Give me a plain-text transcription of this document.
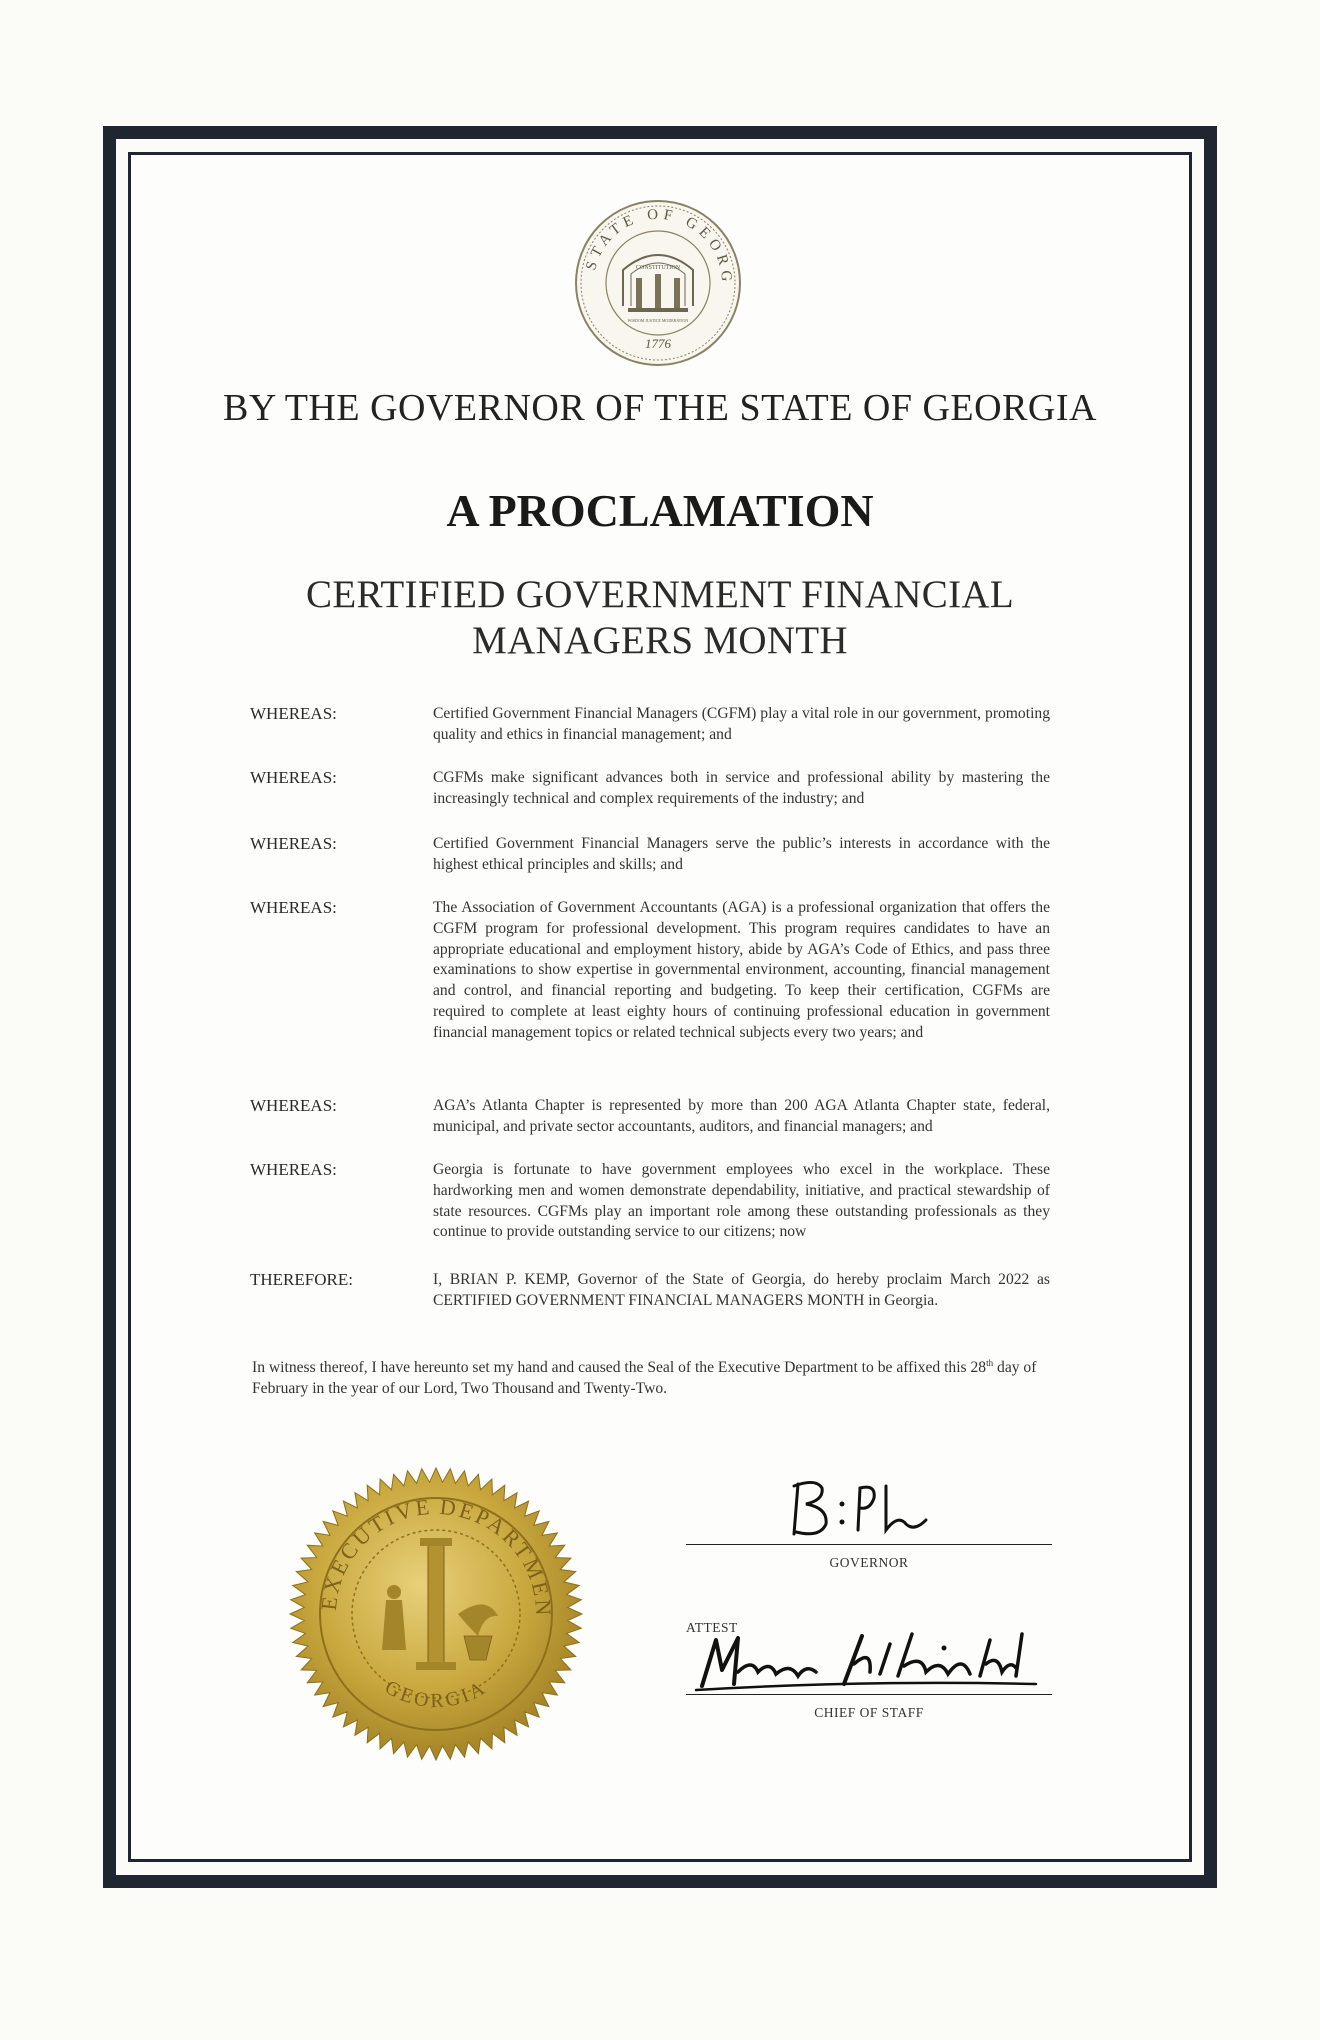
STATE OF GEORG
CONSTITUTION
WISDOM JUSTICE MODERATION
1776
BY THE GOVERNOR OF THE STATE OF GEORGIA
A PROCLAMATION
CERTIFIED GOVERNMENT FINANCIAL
MANAGERS MONTH
WHEREAS:	Certified Government Financial Managers (CGFM) play a vital role in our government, promoting quality and ethics in financial management; and
WHEREAS:	CGFMs make significant advances both in service and professional ability by mastering the increasingly technical and complex requirements of the industry; and
WHEREAS:	Certified Government Financial Managers serve the public’s interests in accordance with the highest ethical principles and skills; and
WHEREAS:	The Association of Government Accountants (AGA) is a professional organization that offers the CGFM program for professional development. This program requires candidates to have an appropriate educational and employment history, abide by AGA’s Code of Ethics, and pass three examinations to show expertise in governmental environment, accounting, financial management and control, and financial reporting and budgeting. To keep their certification, CGFMs are required to complete at least eighty hours of continuing professional education in government financial management topics or related technical subjects every two years; and
WHEREAS:	AGA’s Atlanta Chapter is represented by more than 200 AGA Atlanta Chapter state, federal, municipal, and private sector accountants, auditors, and financial managers; and
WHEREAS:	Georgia is fortunate to have government employees who excel in the workplace. These hardworking men and women demonstrate dependability, initiative, and practical stewardship of state resources. CGFMs play an important role among these outstanding professionals as they continue to provide outstanding service to our citizens; now
THEREFORE:	I, BRIAN P. KEMP, Governor of the State of Georgia, do hereby proclaim March 2022 as CERTIFIED GOVERNMENT FINANCIAL MANAGERS MONTH in Georgia.
In witness thereof, I have hereunto set my hand and caused the Seal of the Executive Department to be affixed this 28th day of February in the year of our Lord, Two Thousand and Twenty-Two.
EXECUTIVE DEPARTMEN
GEORGIA
GOVERNOR
ATTEST
CHIEF OF STAFF
